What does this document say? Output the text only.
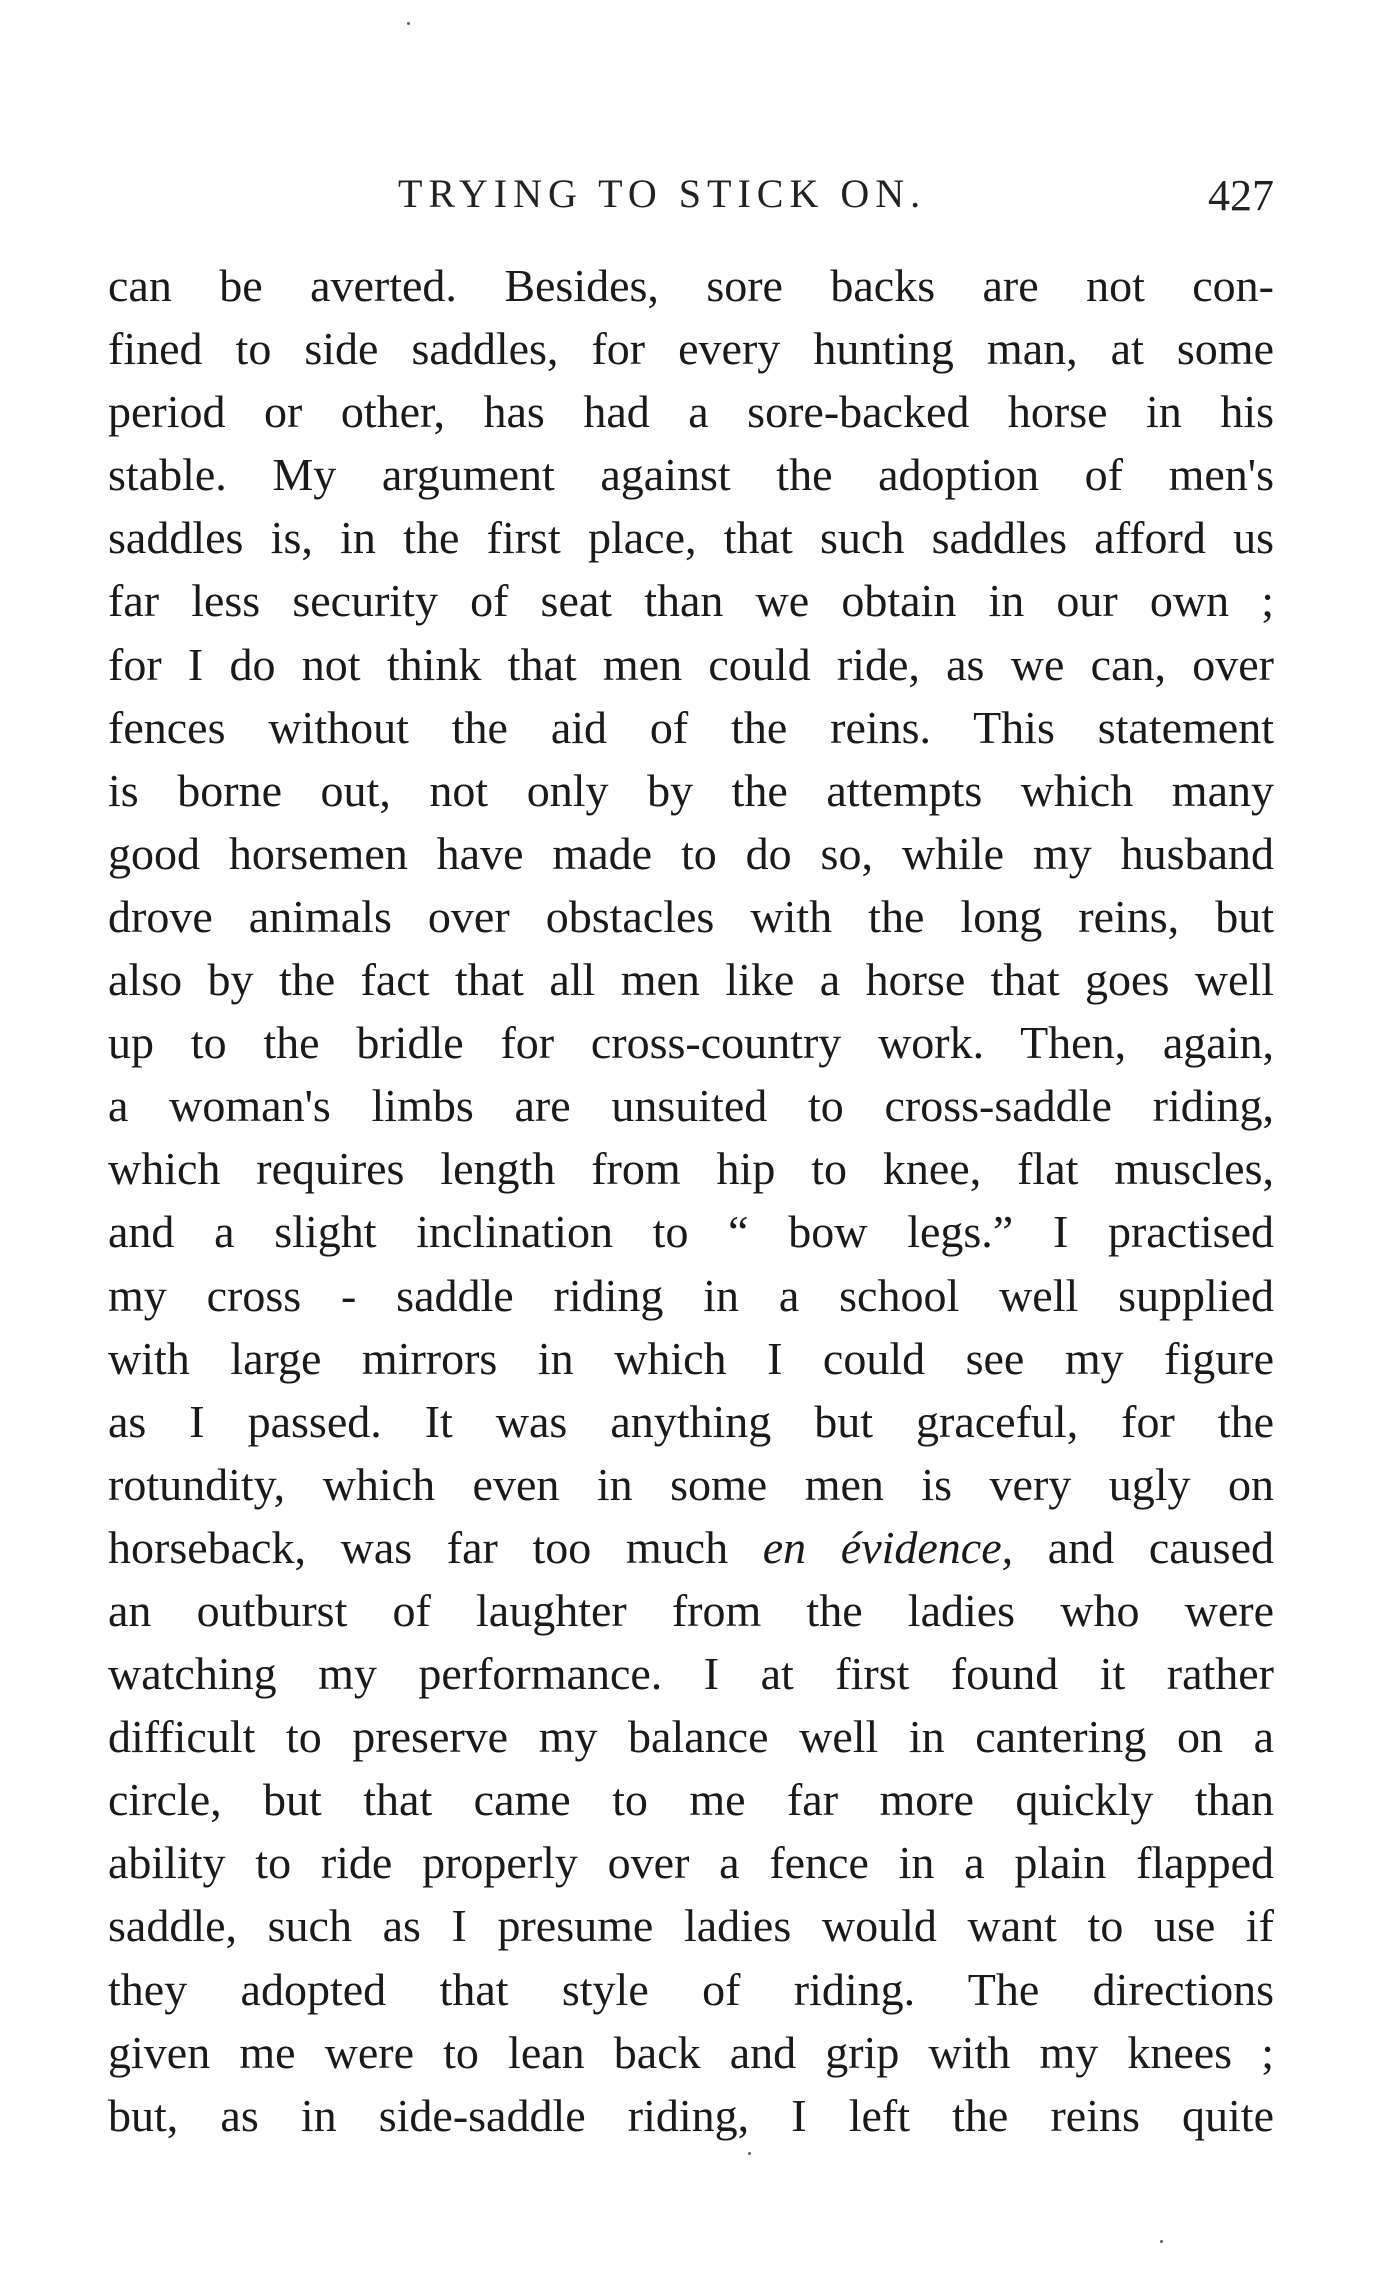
TRYING TO STICK ON.	427
can be averted. Besides, sore backs are not con-
fined to side saddles, for every hunting man, at some
period or other, has had a sore-backed horse in his
stable. My argument against the adoption of men's
saddles is, in the first place, that such saddles afford us
far less security of seat than we obtain in our own ;
for I do not think that men could ride, as we can, over
fences without the aid of the reins. This statement
is borne out, not only by the attempts which many
good horsemen have made to do so, while my husband
drove animals over obstacles with the long reins, but
also by the fact that all men like a horse that goes well
up to the bridle for cross-country work. Then, again,
a woman's limbs are unsuited to cross-saddle riding,
which requires length from hip to knee, flat muscles,
and a slight inclination to “ bow legs.” I practised
my cross - saddle riding in a school well supplied
with large mirrors in which I could see my figure
as I passed. It was anything but graceful, for the
rotundity, which even in some men is very ugly on
horseback, was far too much en évidence, and caused
an outburst of laughter from the ladies who were
watching my performance. I at first found it rather
difficult to preserve my balance well in cantering on a
circle, but that came to me far more quickly than
ability to ride properly over a fence in a plain flapped
saddle, such as I presume ladies would want to use if
they adopted that style of riding. The directions
given me were to lean back and grip with my knees ;
but, as in side-saddle riding, I left the reins quite
